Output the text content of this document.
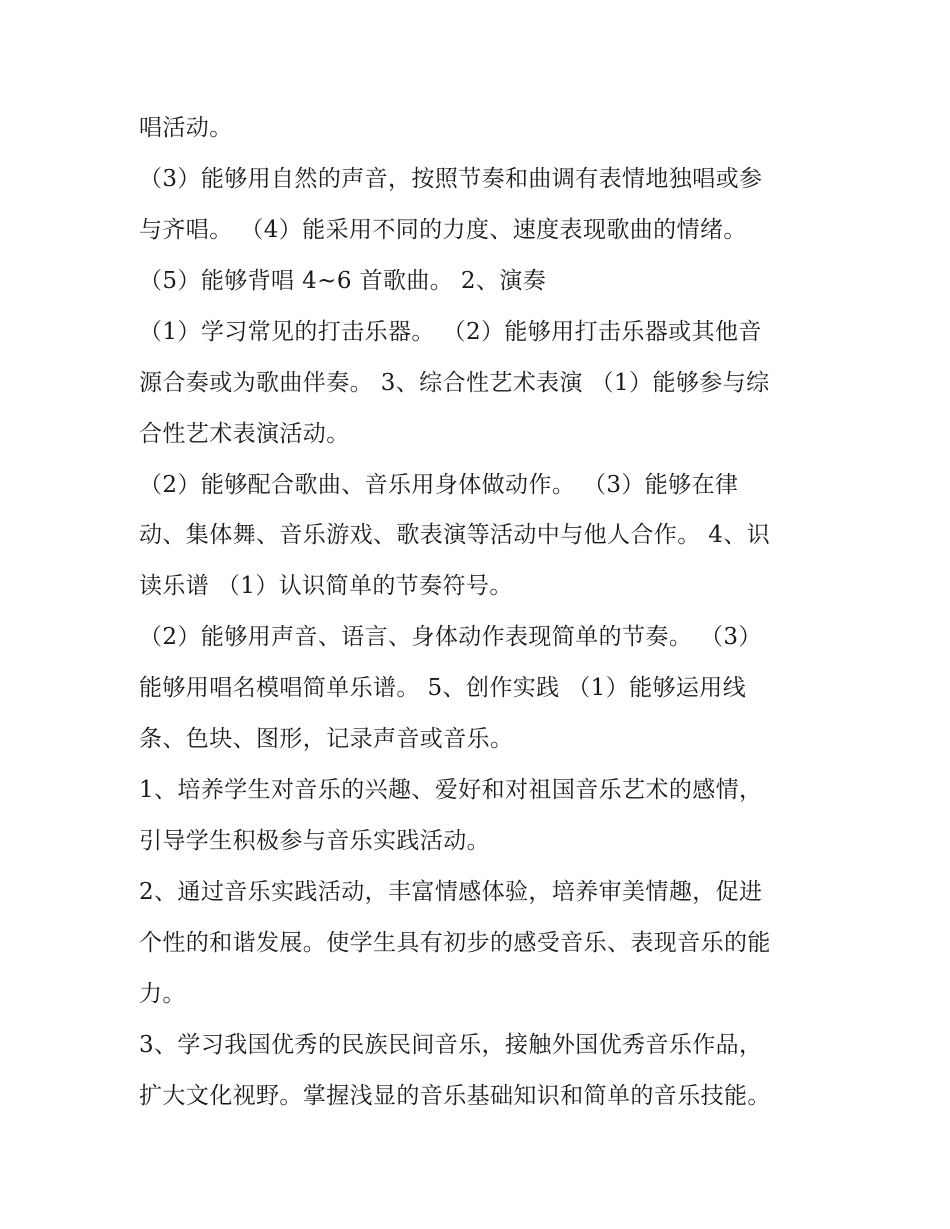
唱活动。
（3）能够用自然的声音，按照节奏和曲调有表情地独唱或参
与齐唱。 （4）能采用不同的力度、速度表现歌曲的情绪。
（5）能够背唱 4~6 首歌曲。 2、演奏
（1）学习常见的打击乐器。 （2）能够用打击乐器或其他音
源合奏或为歌曲伴奏。 3、综合性艺术表演 （1）能够参与综
合性艺术表演活动。
（2）能够配合歌曲、音乐用身体做动作。 （3）能够在律
动、集体舞、音乐游戏、歌表演等活动中与他人合作。 4、识
读乐谱 （1）认识简单的节奏符号。
（2）能够用声音、语言、身体动作表现简单的节奏。 （3）
能够用唱名模唱简单乐谱。 5、创作实践 （1）能够运用线
条、色块、图形，记录声音或音乐。
1、培养学生对音乐的兴趣、爱好和对祖国音乐艺术的感情，
引导学生积极参与音乐实践活动。
2、通过音乐实践活动，丰富情感体验，培养审美情趣，促进
个性的和谐发展。使学生具有初步的感受音乐、表现音乐的能
力。
3、学习我国优秀的民族民间音乐，接触外国优秀音乐作品，
扩大文化视野。掌握浅显的音乐基础知识和简单的音乐技能。
